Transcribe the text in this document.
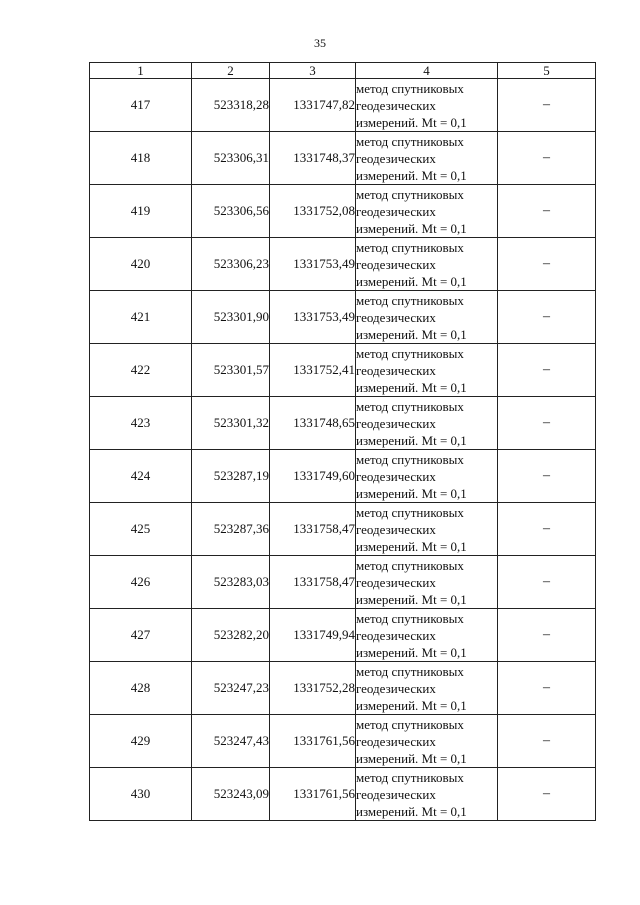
35
1	2	3	4	5
417	523318,28	1331747,82	метод спутниковых
геодезических
измерений. Mt = 0,1	–
418	523306,31	1331748,37	метод спутниковых
геодезических
измерений. Mt = 0,1	–
419	523306,56	1331752,08	метод спутниковых
геодезических
измерений. Mt = 0,1	–
420	523306,23	1331753,49	метод спутниковых
геодезических
измерений. Mt = 0,1	–
421	523301,90	1331753,49	метод спутниковых
геодезических
измерений. Mt = 0,1	–
422	523301,57	1331752,41	метод спутниковых
геодезических
измерений. Mt = 0,1	–
423	523301,32	1331748,65	метод спутниковых
геодезических
измерений. Mt = 0,1	–
424	523287,19	1331749,60	метод спутниковых
геодезических
измерений. Mt = 0,1	–
425	523287,36	1331758,47	метод спутниковых
геодезических
измерений. Mt = 0,1	–
426	523283,03	1331758,47	метод спутниковых
геодезических
измерений. Mt = 0,1	–
427	523282,20	1331749,94	метод спутниковых
геодезических
измерений. Mt = 0,1	–
428	523247,23	1331752,28	метод спутниковых
геодезических
измерений. Mt = 0,1	–
429	523247,43	1331761,56	метод спутниковых
геодезических
измерений. Mt = 0,1	–
430	523243,09	1331761,56	метод спутниковых
геодезических
измерений. Mt = 0,1	–
